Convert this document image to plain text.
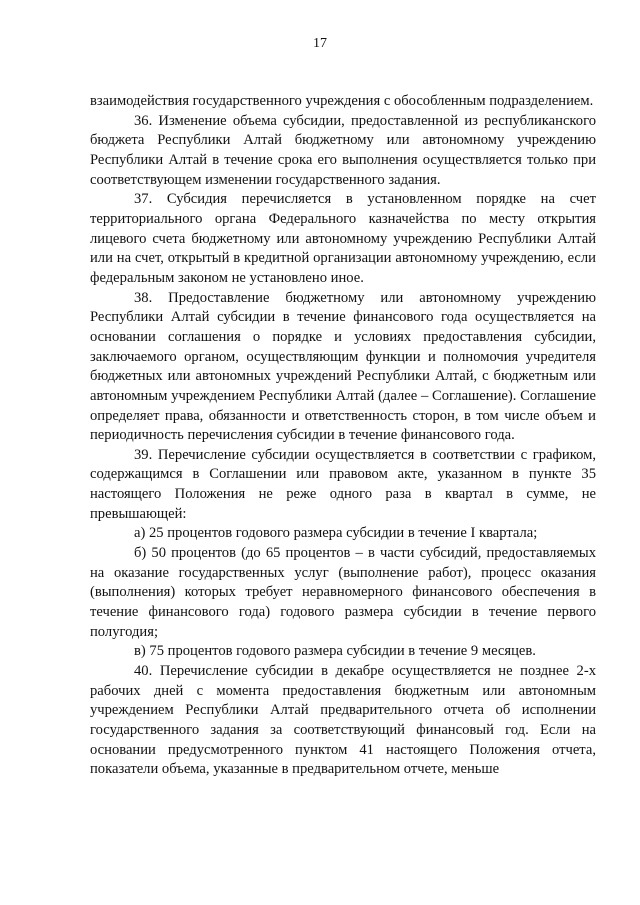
17

взаимодействия государственного учреждения с обособленным подразделением.

36. Изменение объема субсидии, предоставленной из республиканского бюджета Республики Алтай бюджетному или автономному учреждению Республики Алтай в течение срока его выполнения осуществляется только при соответствующем изменении государственного задания.

37. Субсидия перечисляется в установленном порядке на счет территориального органа Федерального казначейства по месту открытия лицевого счета бюджетному или автономному учреждению Республики Алтай или на счет, открытый в кредитной организации автономному учреждению, если федеральным законом не установлено иное.

38. Предоставление бюджетному или автономному учреждению Республики Алтай субсидии в течение финансового года осуществляется на основании соглашения о порядке и условиях предоставления субсидии, заключаемого органом, осуществляющим функции и полномочия учредителя бюджетных или автономных учреждений Республики Алтай, с бюджетным или автономным учреждением Республики Алтай (далее – Соглашение). Соглашение определяет права, обязанности и ответственность сторон, в том числе объем и периодичность перечисления субсидии в течение финансового года.

39. Перечисление субсидии осуществляется в соответствии с графиком, содержащимся в Соглашении или правовом акте, указанном в пункте 35 настоящего Положения не реже одного раза в квартал в сумме, не превышающей:

а) 25 процентов годового размера субсидии в течение I квартала;

б) 50 процентов (до 65 процентов – в части субсидий, предоставляемых на оказание государственных услуг (выполнение работ), процесс оказания (выполнения) которых требует неравномерного финансового обеспечения в течение финансового года) годового размера субсидии в течение первого полугодия;

в) 75 процентов годового размера субсидии в течение 9 месяцев.

40. Перечисление субсидии в декабре осуществляется не позднее 2-х рабочих дней с момента предоставления бюджетным или автономным учреждением Республики Алтай предварительного отчета об исполнении государственного задания за соответствующий финансовый год. Если на основании предусмотренного пунктом 41 настоящего Положения отчета, показатели объема, указанные в предварительном отчете, меньше
